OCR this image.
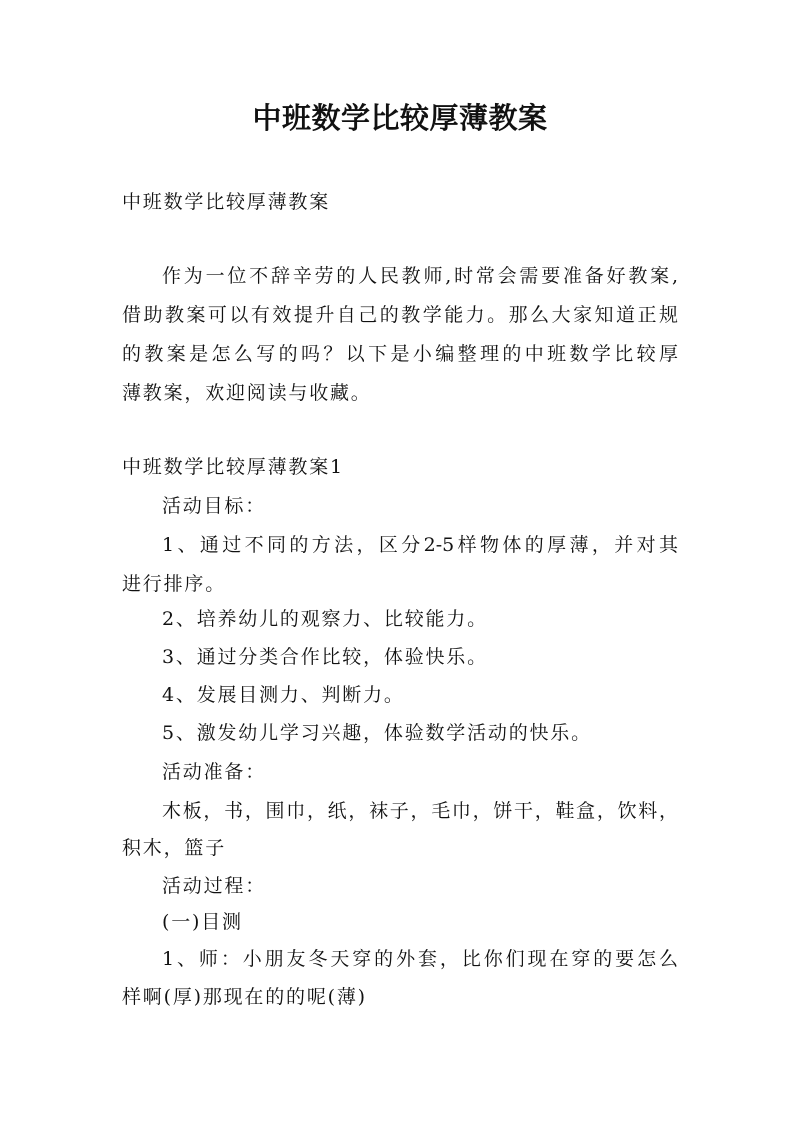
中班数学比较厚薄教案
中班数学比较厚薄教案
作为一位不辞辛劳的人民教师,时常会需要准备好教案,
借助教案可以有效提升自己的教学能力。那么大家知道正规
的教案是怎么写的吗？以下是小编整理的中班数学比较厚
薄教案，欢迎阅读与收藏。
中班数学比较厚薄教案1
活动目标：
1、通过不同的方法，区分2-5样物体的厚薄，并对其
进行排序。
2、培养幼儿的观察力、比较能力。
3、通过分类合作比较，体验快乐。
4、发展目测力、判断力。
5、激发幼儿学习兴趣，体验数学活动的快乐。
活动准备：
木板，书，围巾，纸，袜子，毛巾，饼干，鞋盒，饮料，
积木，篮子
活动过程：
(一)目测
1、师：小朋友冬天穿的外套，比你们现在穿的要怎么
样啊(厚)那现在的的呢(薄)
